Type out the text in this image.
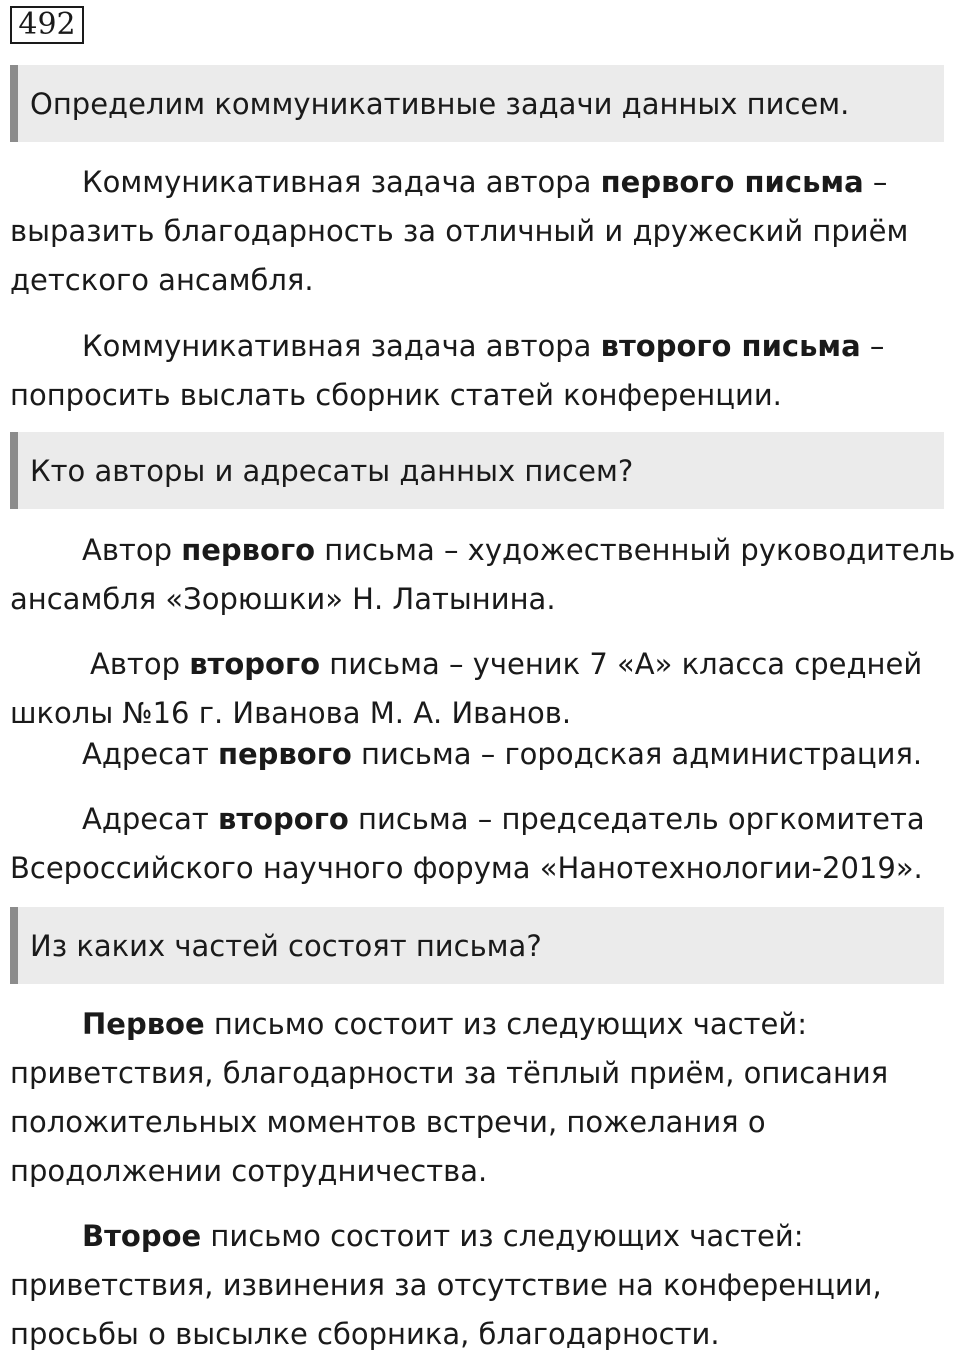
492
Определим коммуникативные задачи данных писем.

Коммуникативная задача автора первого письма –
выразить благодарность за отличный и дружеский приём
детского ансамбля.

Коммуникативная задача автора второго письма –
попросить выслать сборник статей конференции.

Кто авторы и адресаты данных писем?

Автор первого письма – художественный руководитель
ансамбля «Зорюшки» Н. Латынина.

Автор второго письма – ученик 7 «А» класса средней
школы №16 г. Иванова М. А. Иванов.

Адресат первого письма – городская администрация.

Адресат второго письма – председатель оргкомитета
Всероссийского научного форума «Нанотехнологии-2019».

Из каких частей состоят письма?

Первое письмо состоит из следующих частей:
приветствия, благодарности за тёплый приём, описания
положительных моментов встречи, пожелания о
продолжении сотрудничества.

Второе письмо состоит из следующих частей:
приветствия, извинения за отсутствие на конференции,
просьбы о высылке сборника, благодарности.
